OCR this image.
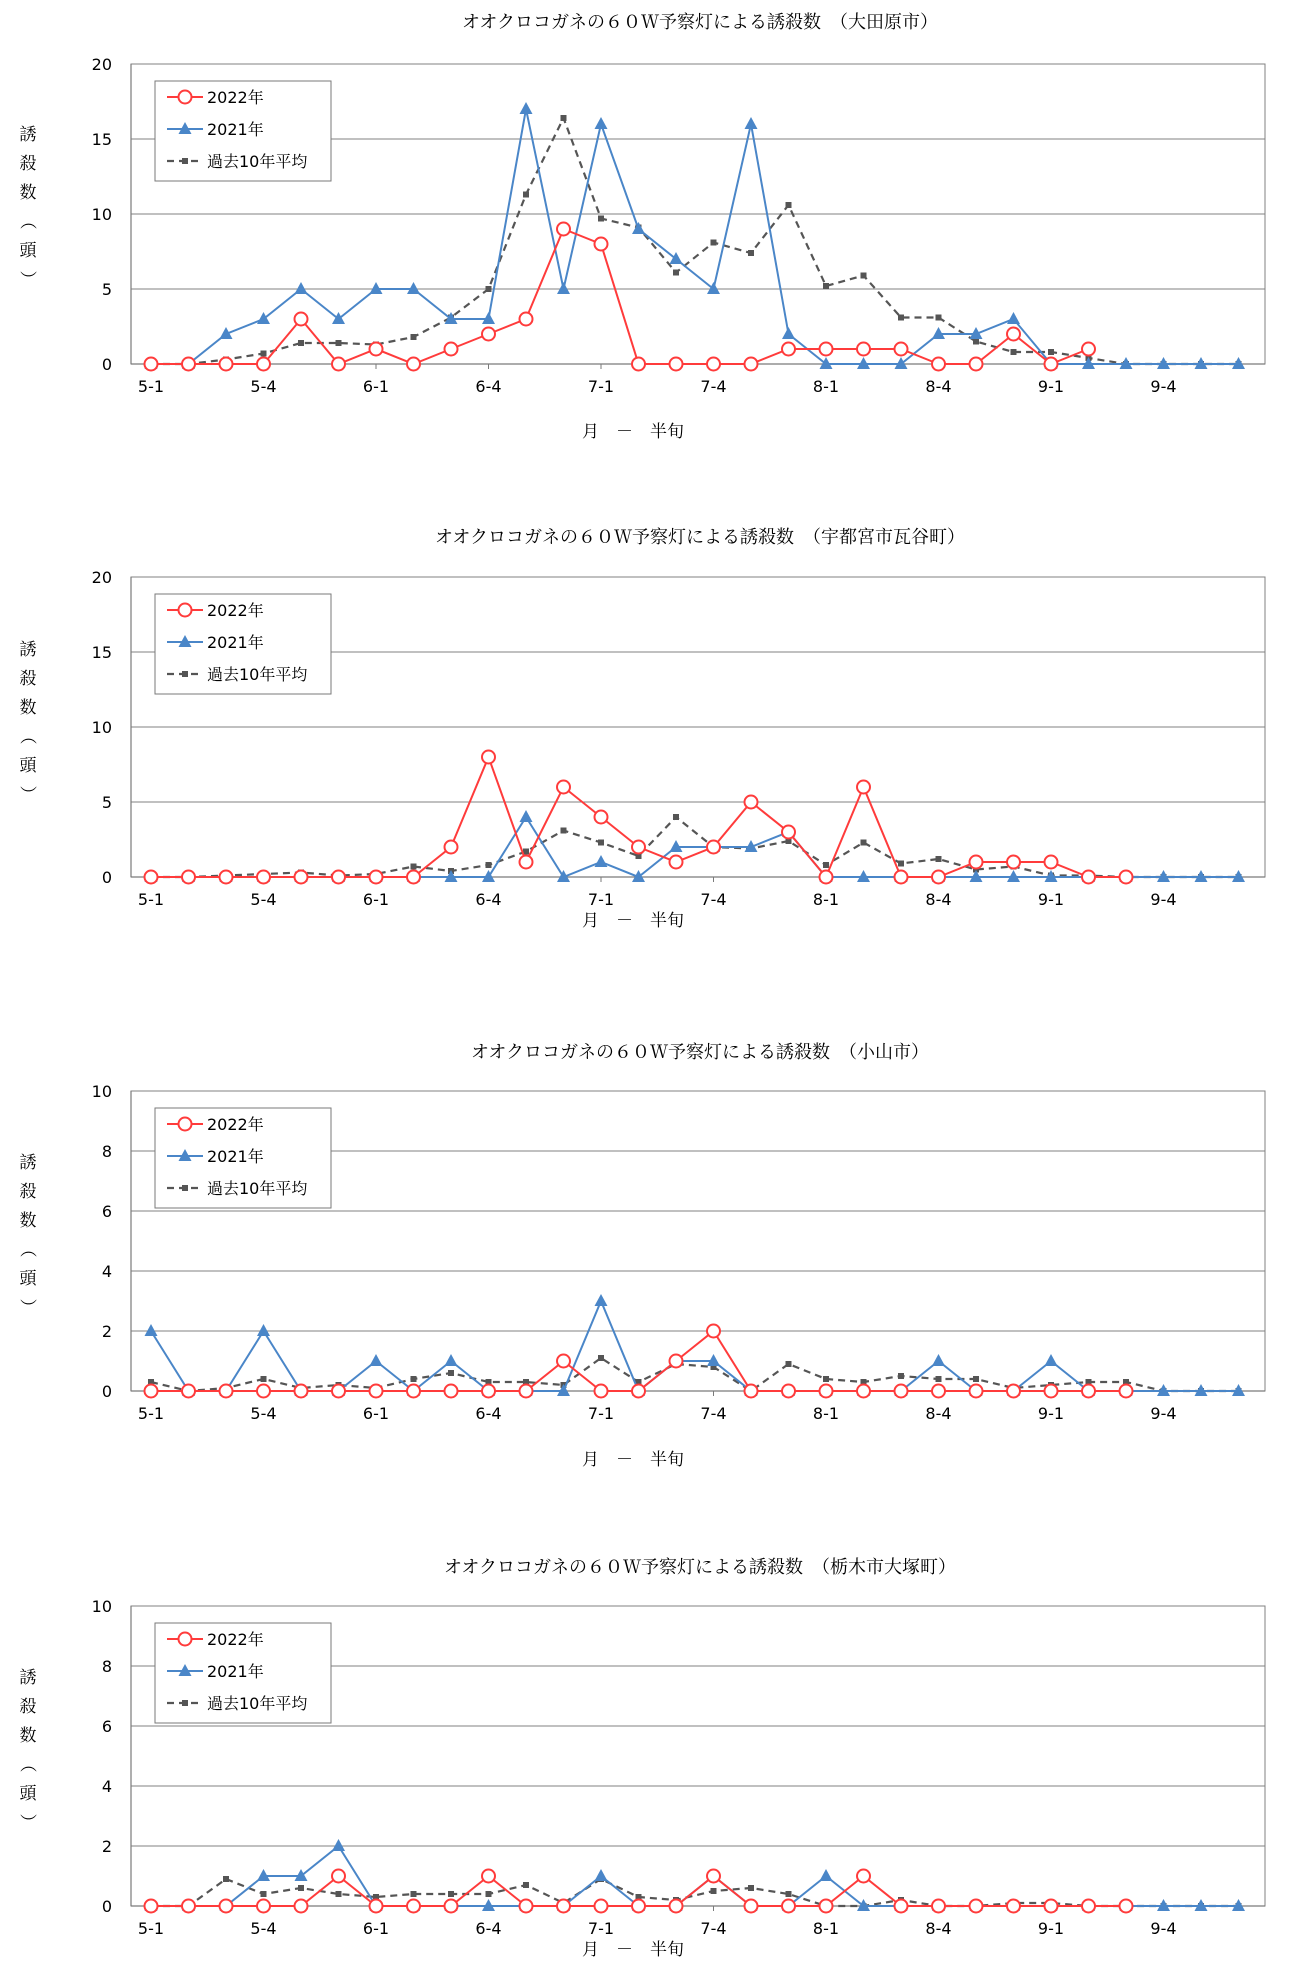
オオクロコガネの６０Ｗ予察灯による誘殺数　（大田原市）
0
5
10
15
20
5-1	5-4	6-1	6-4	7-1	7-4	8-1	8-4	9-1	9-4
月　－　半旬
誘
殺
数
（
頭
）
2022年
2021年
過去10年平均
オオクロコガネの６０Ｗ予察灯による誘殺数　（宇都宮市瓦谷町）
0
5
10
15
20
5-1	5-4	6-1	6-4	7-1	7-4	8-1	8-4	9-1	9-4
月　－　半旬
誘
殺
数
（
頭
）
2022年
2021年
過去10年平均
オオクロコガネの６０Ｗ予察灯による誘殺数　（小山市）
0
2
4
6
8
10
5-1	5-4	6-1	6-4	7-1	7-4	8-1	8-4	9-1	9-4
月　－　半旬
誘
殺
数
（
頭
）
2022年
2021年
過去10年平均
オオクロコガネの６０Ｗ予察灯による誘殺数　（栃木市大塚町）
0
2
4
6
8
10
5-1	5-4	6-1	6-4	7-1	7-4	8-1	8-4	9-1	9-4
月　－　半旬
誘
殺
数
（
頭
）
2022年
2021年
過去10年平均
